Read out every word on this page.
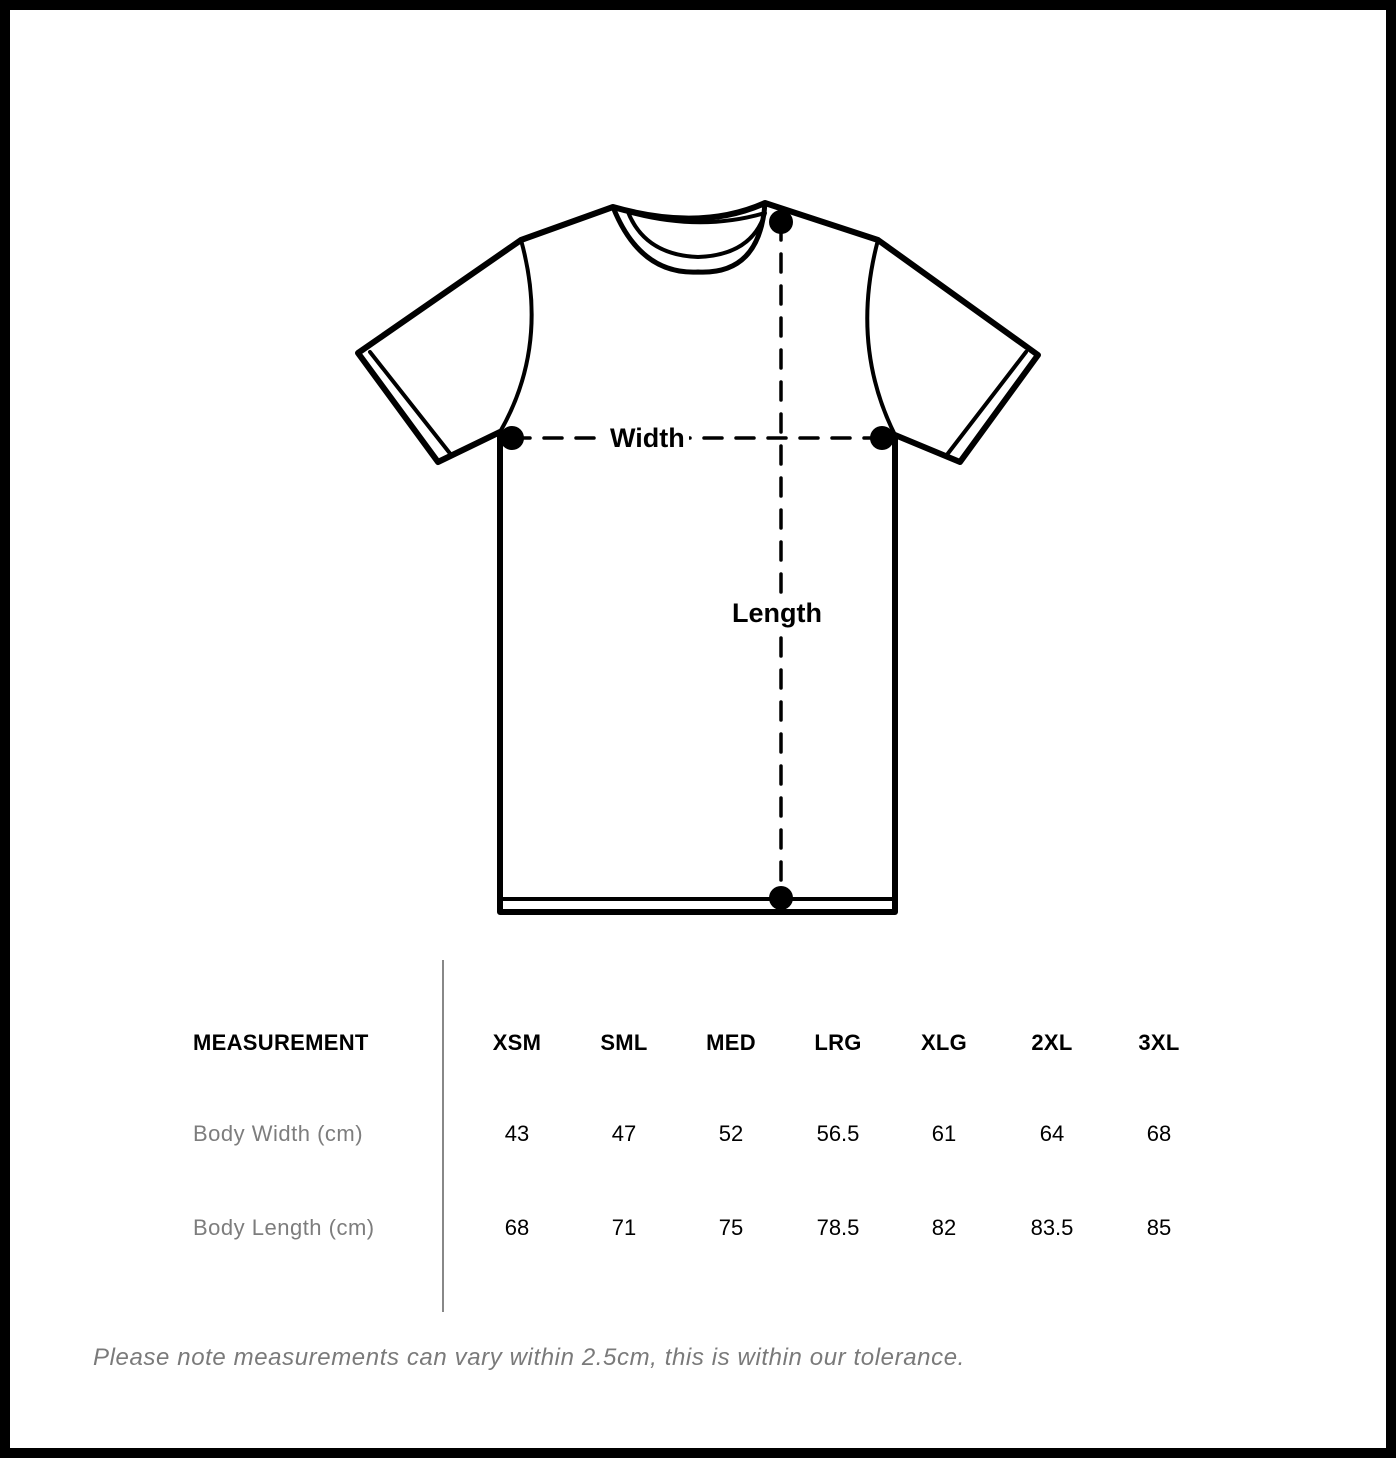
Width
Length
MEASUREMENT	XSM	SML	MED	LRG	XLG	2XL	3XL
Body Width (cm)	43	47	52	56.5	61	64	68
Body Length (cm)	68	71	75	78.5	82	83.5	85
Please note measurements can vary within 2.5cm, this is within our tolerance.
